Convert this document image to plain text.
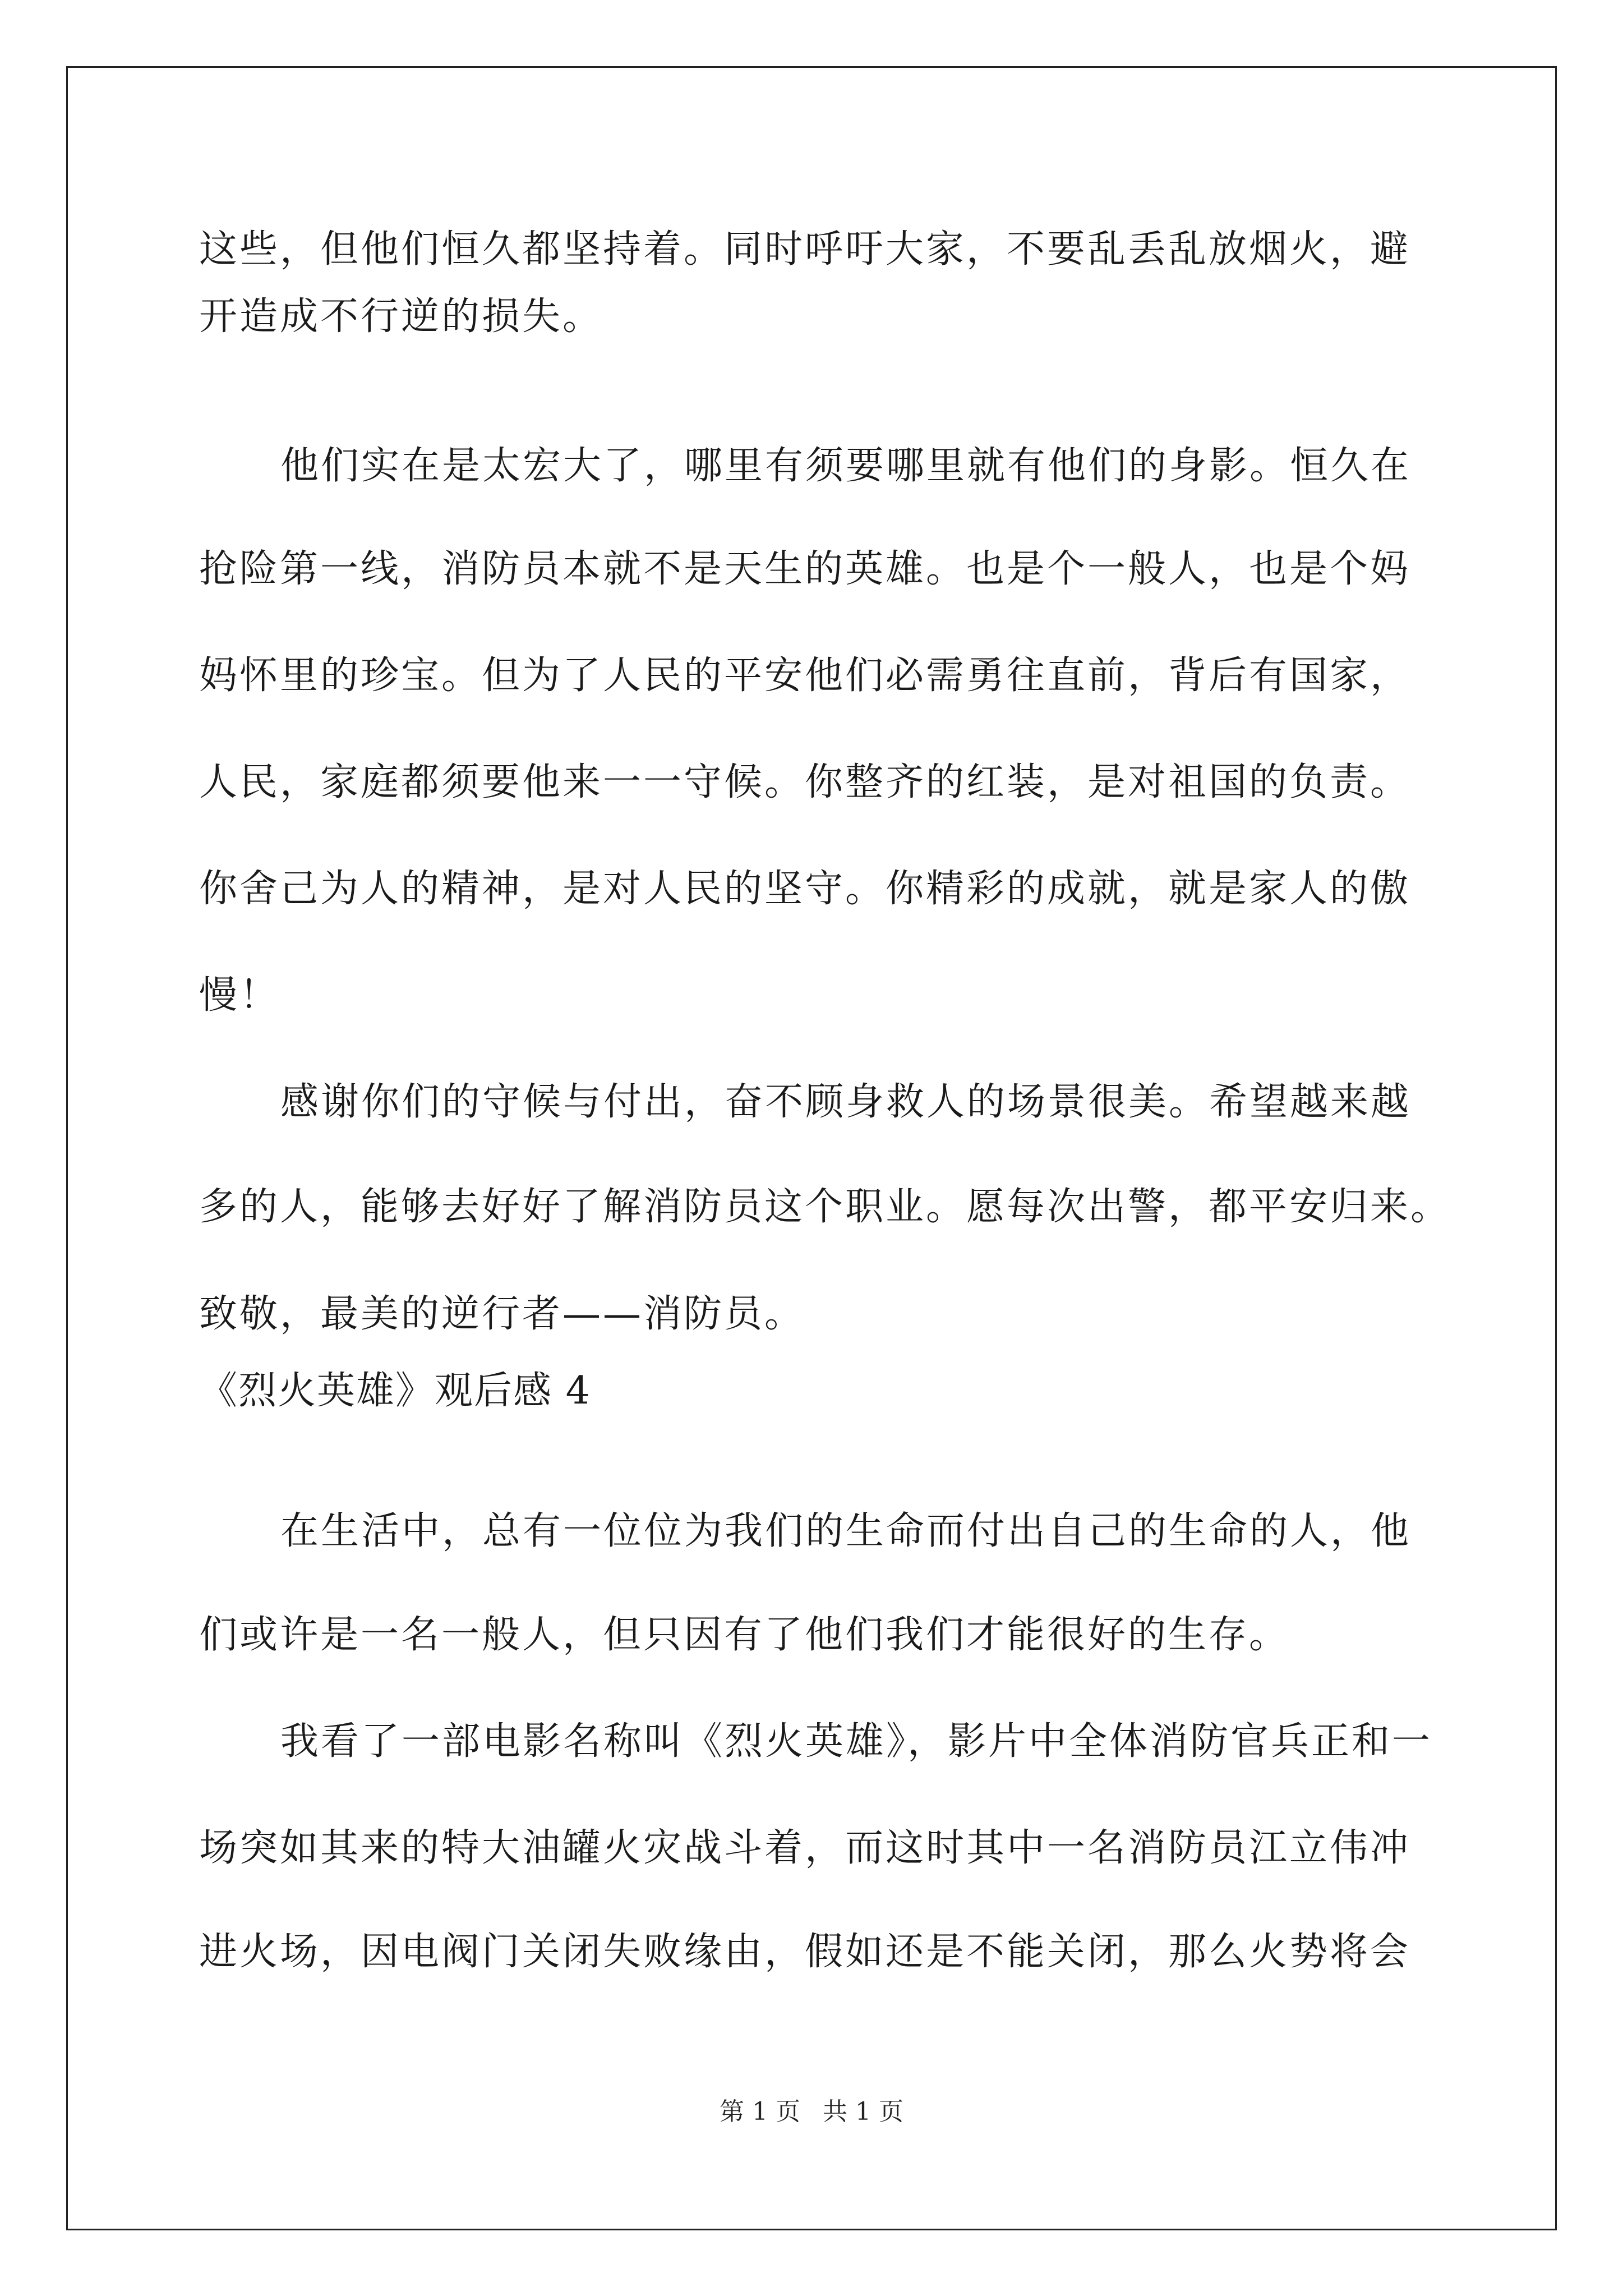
这些，但他们恒久都坚持着。同时呼吁大家，不要乱丢乱放烟火，避
开造成不行逆的损失。
他们实在是太宏大了，哪里有须要哪里就有他们的身影。恒久在
抢险第一线，消防员本就不是天生的英雄。也是个一般人，也是个妈
妈怀里的珍宝。但为了人民的平安他们必需勇往直前，背后有国家，
人民，家庭都须要他来一一守候。你整齐的红装，是对祖国的负责。
你舍己为人的精神，是对人民的坚守。你精彩的成就，就是家人的傲
慢！
感谢你们的守候与付出，奋不顾身救人的场景很美。希望越来越
多的人，能够去好好了解消防员这个职业。愿每次出警，都平安归来。
致敬，最美的逆行者——消防员。
《烈火英雄》观后感 4
在生活中，总有一位位为我们的生命而付出自己的生命的人，他
们或许是一名一般人，但只因有了他们我们才能很好的生存。
我看了一部电影名称叫《烈火英雄》，影片中全体消防官兵正和一
场突如其来的特大油罐火灾战斗着，而这时其中一名消防员江立伟冲
进火场，因电阀门关闭失败缘由，假如还是不能关闭，那么火势将会
第 1 页 共 1 页
